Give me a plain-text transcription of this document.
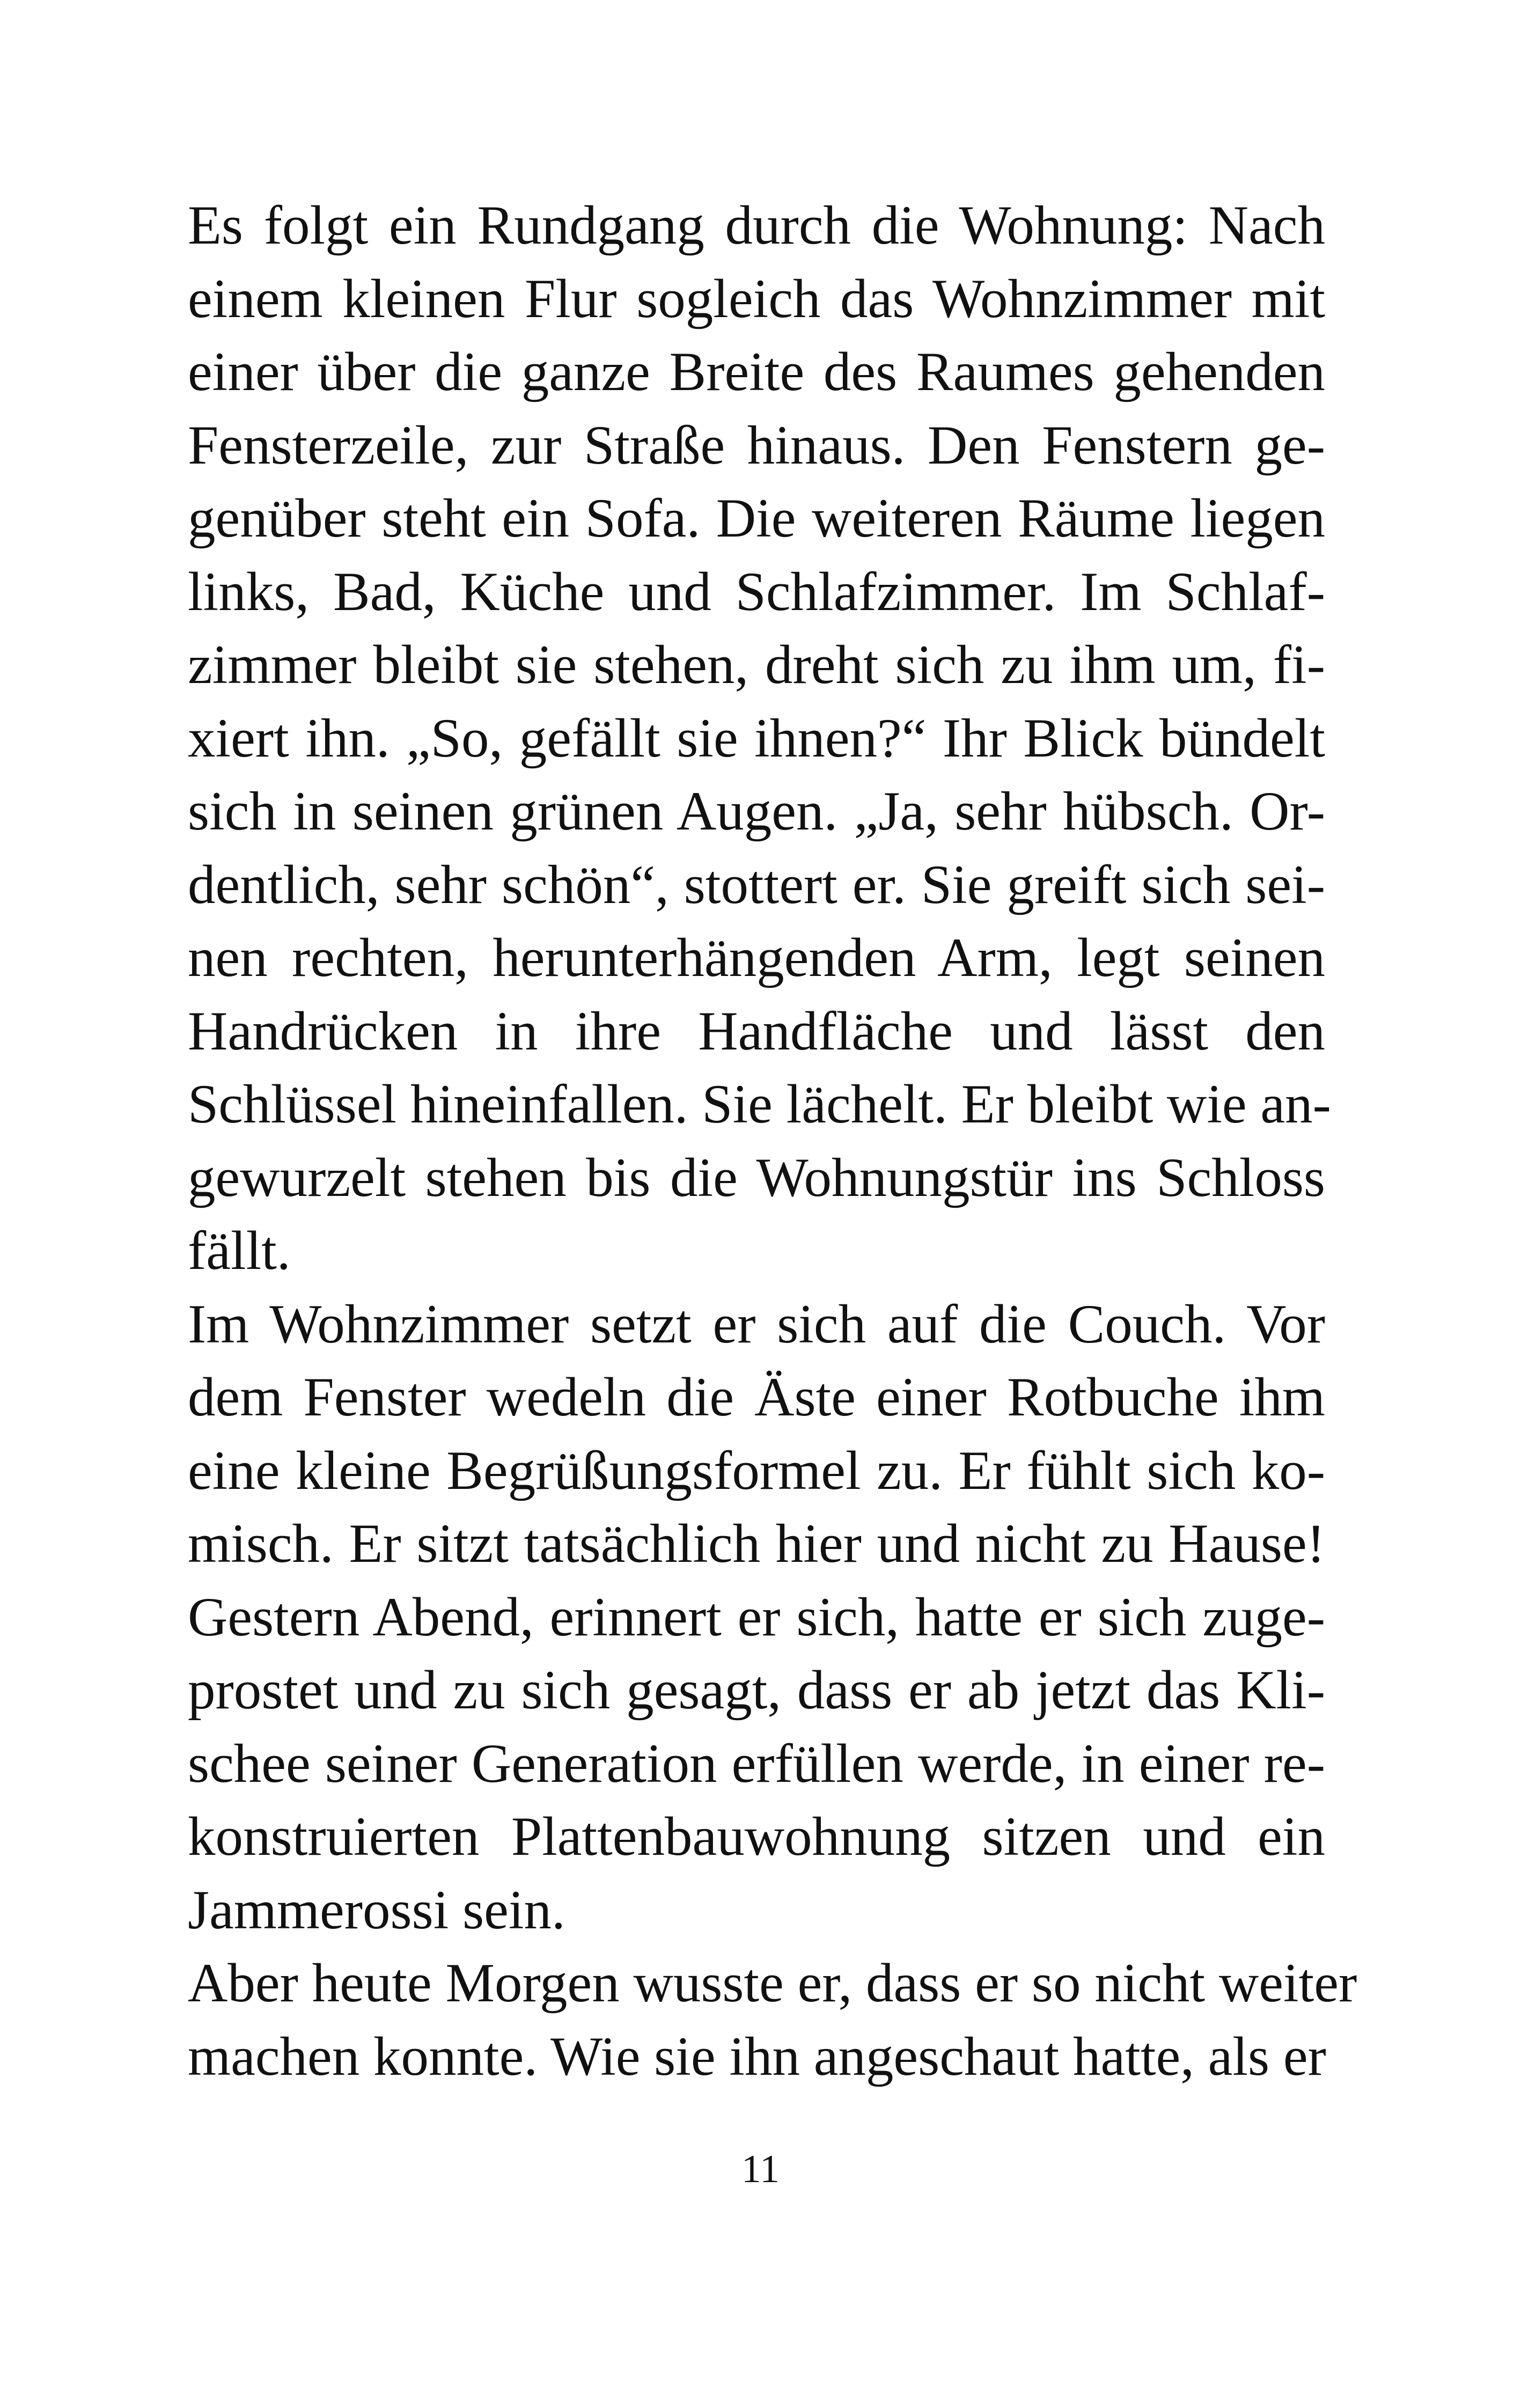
Es folgt ein Rundgang durch die Wohnung: Nach
einem kleinen Flur sogleich das Wohnzimmer mit
einer über die ganze Breite des Raumes gehenden
Fensterzeile, zur Straße hinaus. Den Fenstern ge-
genüber steht ein Sofa. Die weiteren Räume liegen
links, Bad, Küche und Schlafzimmer. Im Schlaf-
zimmer bleibt sie stehen, dreht sich zu ihm um, fi-
xiert ihn. „So, gefällt sie ihnen?“ Ihr Blick bündelt
sich in seinen grünen Augen. „Ja, sehr hübsch. Or-
dentlich, sehr schön“, stottert er. Sie greift sich sei-
nen rechten, herunterhängenden Arm, legt seinen
Handrücken in ihre Handfläche und lässt den
Schlüssel hineinfallen. Sie lächelt. Er bleibt wie an-
gewurzelt stehen bis die Wohnungstür ins Schloss
fällt.
Im Wohnzimmer setzt er sich auf die Couch. Vor
dem Fenster wedeln die Äste einer Rotbuche ihm
eine kleine Begrüßungsformel zu. Er fühlt sich ko-
misch. Er sitzt tatsächlich hier und nicht zu Hause!
Gestern Abend, erinnert er sich, hatte er sich zuge-
prostet und zu sich gesagt, dass er ab jetzt das Kli-
schee seiner Generation erfüllen werde, in einer re-
konstruierten Plattenbauwohnung sitzen und ein
Jammerossi sein.
Aber heute Morgen wusste er, dass er so nicht weiter
machen konnte. Wie sie ihn angeschaut hatte, als er
11
